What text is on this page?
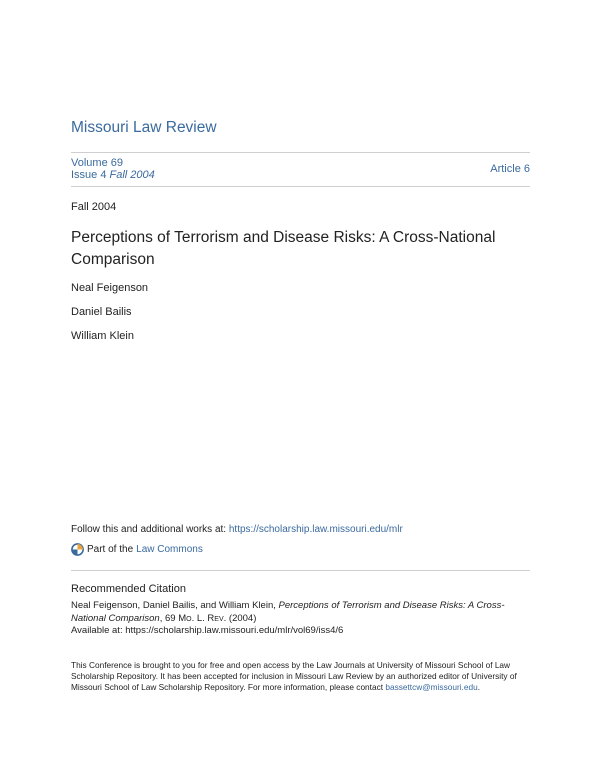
Missouri Law Review
Volume 69
Issue 4 Fall 2004	Article 6
Fall 2004
Perceptions of Terrorism and Disease Risks: A Cross-National Comparison
Neal Feigenson
Daniel Bailis
William Klein
Follow this and additional works at: https://scholarship.law.missouri.edu/mlr
Part of the Law Commons
Recommended Citation
Neal Feigenson, Daniel Bailis, and William Klein, Perceptions of Terrorism and Disease Risks: A Cross-National Comparison, 69 Mo. L. Rev. (2004)
Available at: https://scholarship.law.missouri.edu/mlr/vol69/iss4/6
This Conference is brought to you for free and open access by the Law Journals at University of Missouri School of Law Scholarship Repository. It has been accepted for inclusion in Missouri Law Review by an authorized editor of University of Missouri School of Law Scholarship Repository. For more information, please contact bassettcw@missouri.edu.
